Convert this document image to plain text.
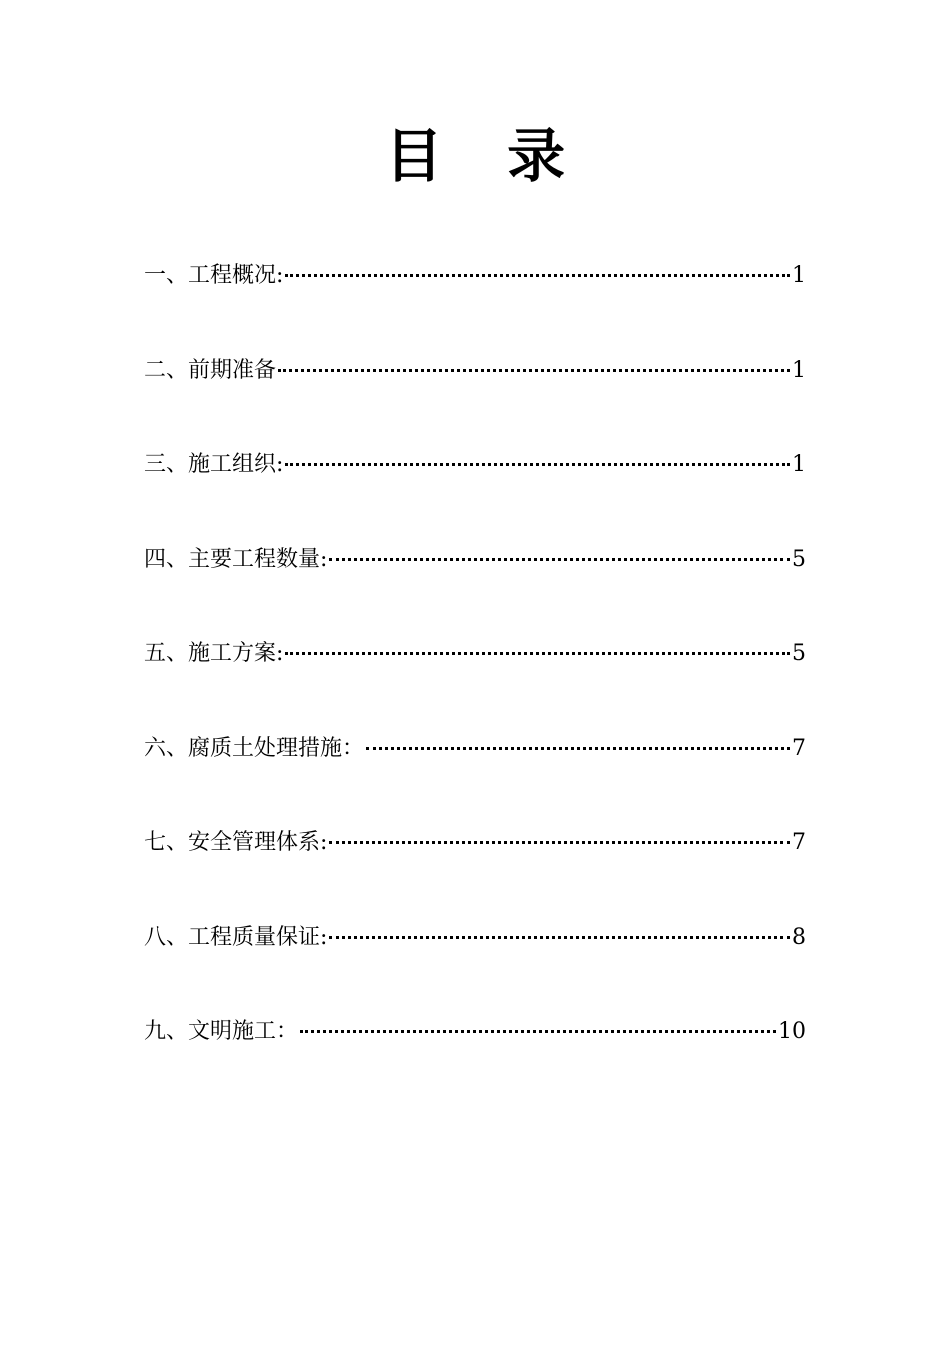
目 录
一、工程概况:	1
二、前期准备	1
三、施工组织:	1
四、主要工程数量:	5
五、施工方案:	5
六、腐质土处理措施：	7
七、安全管理体系:	7
八、工程质量保证:	8
九、文明施工：	10
